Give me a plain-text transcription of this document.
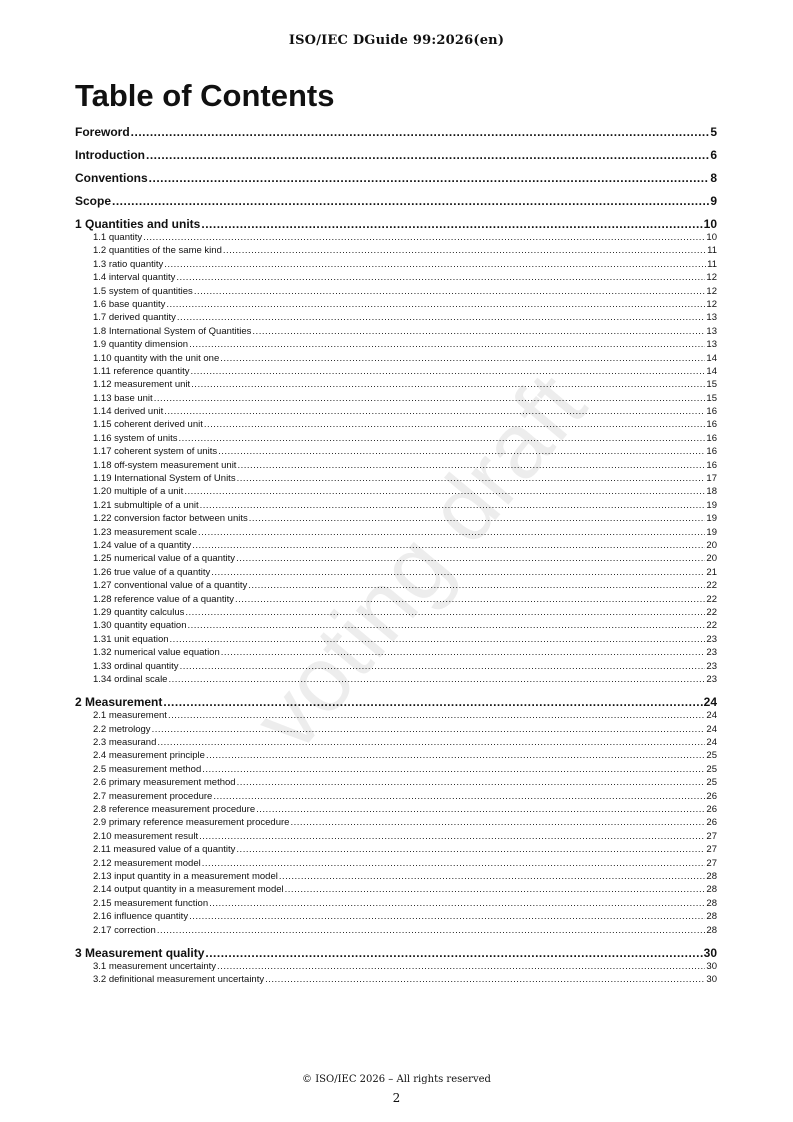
ISO/IEC DGuide 99:2026(en)
Table of Contents
voting draft
Foreword .....	5
Introduction .....	6
Conventions .....	8
Scope .....	9
1 Quantities and units .....	10
1.1 quantity .....	10
1.2 quantities of the same kind .....	11
1.3 ratio quantity .....	11
1.4 interval quantity .....	12
1.5 system of quantities .....	12
1.6 base quantity .....	12
1.7 derived quantity .....	13
1.8 International System of Quantities .....	13
1.9 quantity dimension .....	13
1.10 quantity with the unit one .....	14
1.11 reference quantity .....	14
1.12 measurement unit .....	15
1.13 base unit .....	15
1.14 derived unit .....	16
1.15 coherent derived unit .....	16
1.16 system of units .....	16
1.17 coherent system of units .....	16
1.18 off-system measurement unit .....	16
1.19 International System of Units .....	17
1.20 multiple of a unit .....	18
1.21 submultiple of a unit .....	19
1.22 conversion factor between units .....	19
1.23 measurement scale .....	19
1.24 value of a quantity .....	20
1.25 numerical value of a quantity .....	20
1.26 true value of a quantity .....	21
1.27 conventional value of a quantity .....	22
1.28 reference value of a quantity .....	22
1.29 quantity calculus .....	22
1.30 quantity equation .....	22
1.31 unit equation .....	23
1.32 numerical value equation .....	23
1.33 ordinal quantity .....	23
1.34 ordinal scale .....	23
2 Measurement .....	24
2.1 measurement .....	24
2.2 metrology .....	24
2.3 measurand .....	24
2.4 measurement principle .....	25
2.5 measurement method .....	25
2.6 primary measurement method .....	25
2.7 measurement procedure .....	26
2.8 reference measurement procedure .....	26
2.9 primary reference measurement procedure .....	26
2.10 measurement result .....	27
2.11 measured value of a quantity .....	27
2.12 measurement model .....	27
2.13 input quantity in a measurement model .....	28
2.14 output quantity in a measurement model .....	28
2.15 measurement function .....	28
2.16 influence quantity .....	28
2.17 correction .....	28
3 Measurement quality .....	30
3.1 measurement uncertainty .....	30
3.2 definitional measurement uncertainty .....	30
© ISO/IEC 2026 – All rights reserved
2
